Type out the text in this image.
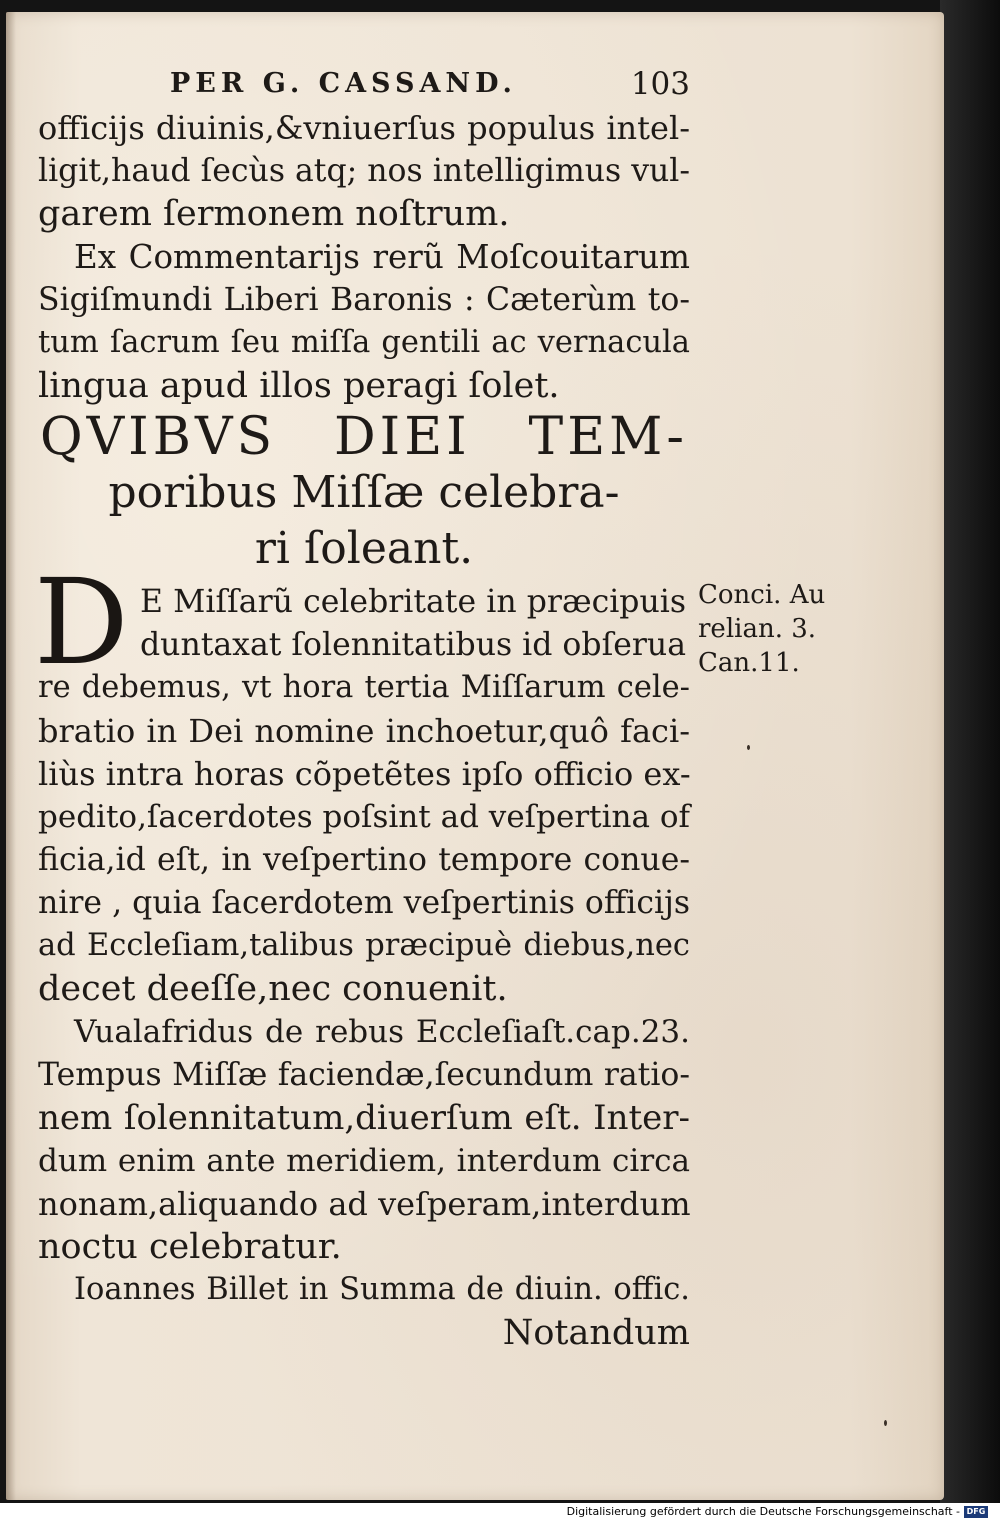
PER G. CASSAND.	103
officijs diuinis,&vniuerſus populus intel-
ligit,haud ſecùs atq; nos intelligimus vul-
garem ſermonem noſtrum.
Ex Commentarijs rerũ Moſcouitarum
Sigiſmundi Liberi Baronis : Cæterùm to-
tum ſacrum ſeu miſſa gentili ac vernacula
lingua apud illos peragi ſolet.
QVIBVS DIEI TEM-
poribus Miſſæ celebra-
ri ſoleant.
D E Miſſarũ celebritate in præcipuis
duntaxat ſolennitatibus id obſerua
re debemus, vt hora tertia Miſſarum cele-
bratio in Dei nomine inchoetur,quô faci-
liùs intra horas cõpetẽtes ipſo officio ex-
pedito,ſacerdotes poſsint ad veſpertina of
ficia,id eſt, in veſpertino tempore conue-
nire , quia ſacerdotem veſpertinis officijs
ad Eccleſiam,talibus præcipuè diebus,nec
decet deeſſe,nec conuenit.
Conci. Au
relian. 3.
Can.11.
Vualafridus de rebus Eccleſiaſt.cap.23.
Tempus Miſſæ faciendæ,ſecundum ratio-
nem ſolennitatum,diuerſum eſt. Inter-
dum enim ante meridiem, interdum circa
nonam,aliquando ad veſperam,interdum
noctu celebratur.
Ioannes Billet in Summa de diuin. offic.
Notandum
Digitalisierung gefördert durch die Deutsche Forschungsgemeinschaft - DFG
